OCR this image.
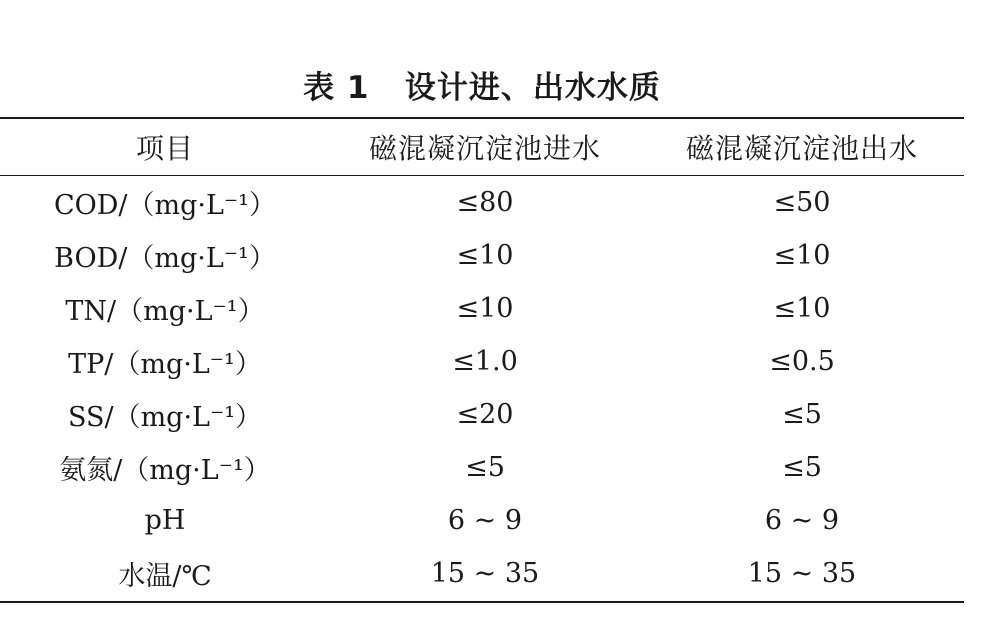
表 1   设计进、出水水质
项目	磁混凝沉淀池进水	磁混凝沉淀池出水
COD/（mg·L⁻¹）	≤80	≤50
BOD/（mg·L⁻¹）	≤10	≤10
TN/（mg·L⁻¹）	≤10	≤10
TP/（mg·L⁻¹）	≤1.0	≤0.5
SS/（mg·L⁻¹）	≤20	≤5
氨氮/（mg·L⁻¹）	≤5	≤5
pH	6 ~ 9	6 ~ 9
水温/℃	15 ~ 35	15 ~ 35
